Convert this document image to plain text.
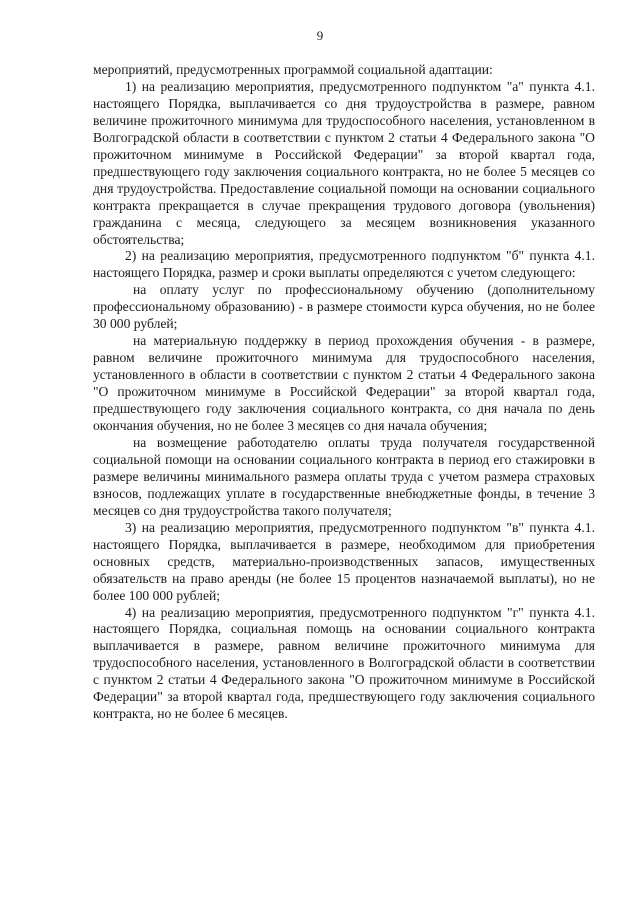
9

мероприятий, предусмотренных программой социальной адаптации:

1) на реализацию мероприятия, предусмотренного подпунктом "а" пункта 4.1. настоящего Порядка, выплачивается со дня трудоустройства в размере, равном величине прожиточного минимума для трудоспособного населения, установленном в Волгоградской области в соответствии с пунктом 2 статьи 4 Федерального закона "О прожиточном минимуме в Российской Федерации" за второй квартал года, предшествующего году заключения социального контракта, но не более 5 месяцев со дня трудоустройства. Предоставление социальной помощи на основании социального контракта прекращается в случае прекращения трудового договора (увольнения) гражданина с месяца, следующего за месяцем возникновения указанного обстоятельства;

2) на реализацию мероприятия, предусмотренного подпунктом "б" пункта 4.1. настоящего Порядка, размер и сроки выплаты определяются с учетом следующего:

на оплату услуг по профессиональному обучению (дополнительному профессиональному образованию) - в размере стоимости курса обучения, но не более 30 000 рублей;

на материальную поддержку в период прохождения обучения - в размере, равном величине прожиточного минимума для трудоспособного населения, установленного в области в соответствии с пунктом 2 статьи 4 Федерального закона "О прожиточном минимуме в Российской Федерации" за второй квартал года, предшествующего году заключения социального контракта, со дня начала по день окончания обучения, но не более 3 месяцев со дня начала обучения;

на возмещение работодателю оплаты труда получателя государственной социальной помощи на основании социального контракта в период его стажировки в размере величины минимального размера оплаты труда с учетом размера страховых взносов, подлежащих уплате в государственные внебюджетные фонды, в течение 3 месяцев со дня трудоустройства такого получателя;

3) на реализацию мероприятия, предусмотренного подпунктом "в" пункта 4.1. настоящего Порядка, выплачивается в размере, необходимом для приобретения основных средств, материально-производственных запасов, имущественных обязательств на право аренды (не более 15 процентов назначаемой выплаты), но не более 100 000 рублей;

4) на реализацию мероприятия, предусмотренного подпунктом "г" пункта 4.1. настоящего Порядка, социальная помощь на основании социального контракта выплачивается в размере, равном величине прожиточного минимума для трудоспособного населения, установленного в Волгоградской области в соответствии с пунктом 2 статьи 4 Федерального закона "О прожиточном минимуме в Российской Федерации" за второй квартал года, предшествующего году заключения социального контракта, но не более 6 месяцев.
